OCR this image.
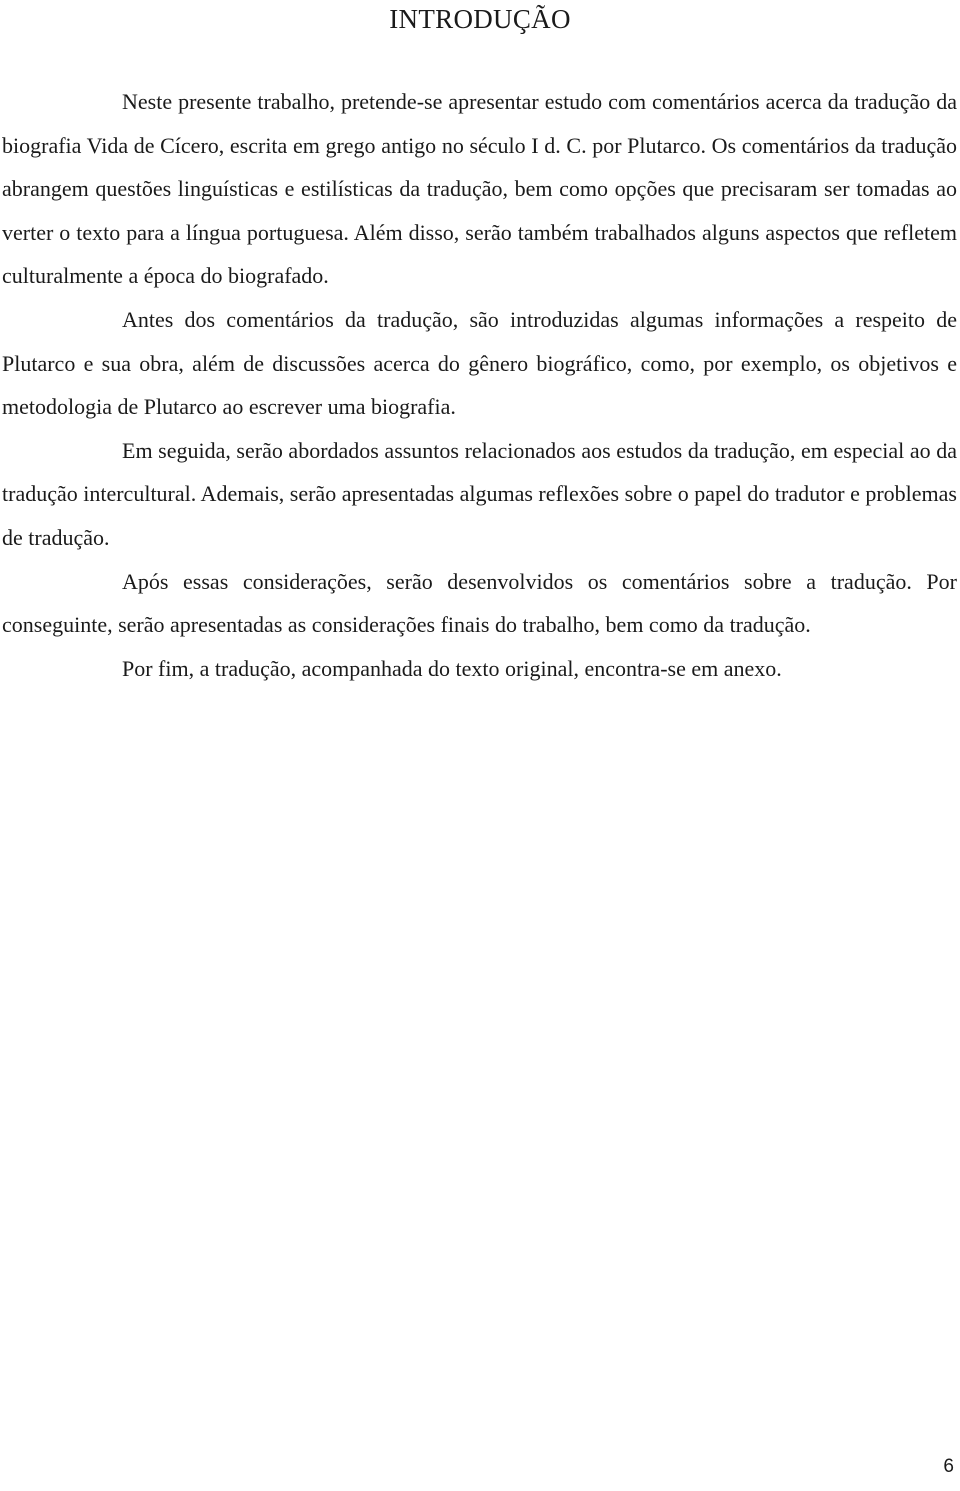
INTRODUÇÃO

Neste presente trabalho, pretende-se apresentar estudo com comentários acerca da tradução da biografia Vida de Cícero, escrita em grego antigo no século I d. C. por Plutarco. Os comentários da tradução abrangem questões linguísticas e estilísticas da tradução, bem como opções que precisaram ser tomadas ao verter o texto para a língua portuguesa. Além disso, serão também trabalhados alguns aspectos que refletem culturalmente a época do biografado.

Antes dos comentários da tradução, são introduzidas algumas informações a respeito de Plutarco e sua obra, além de discussões acerca do gênero biográfico, como, por exemplo, os objetivos e metodologia de Plutarco ao escrever uma biografia.

Em seguida, serão abordados assuntos relacionados aos estudos da tradução, em especial ao da tradução intercultural. Ademais, serão apresentadas algumas reflexões sobre o papel do tradutor e problemas de tradução.

Após essas considerações, serão desenvolvidos os comentários sobre a tradução. Por conseguinte, serão apresentadas as considerações finais do trabalho, bem como da tradução.

Por fim, a tradução, acompanhada do texto original, encontra-se em anexo.

6
